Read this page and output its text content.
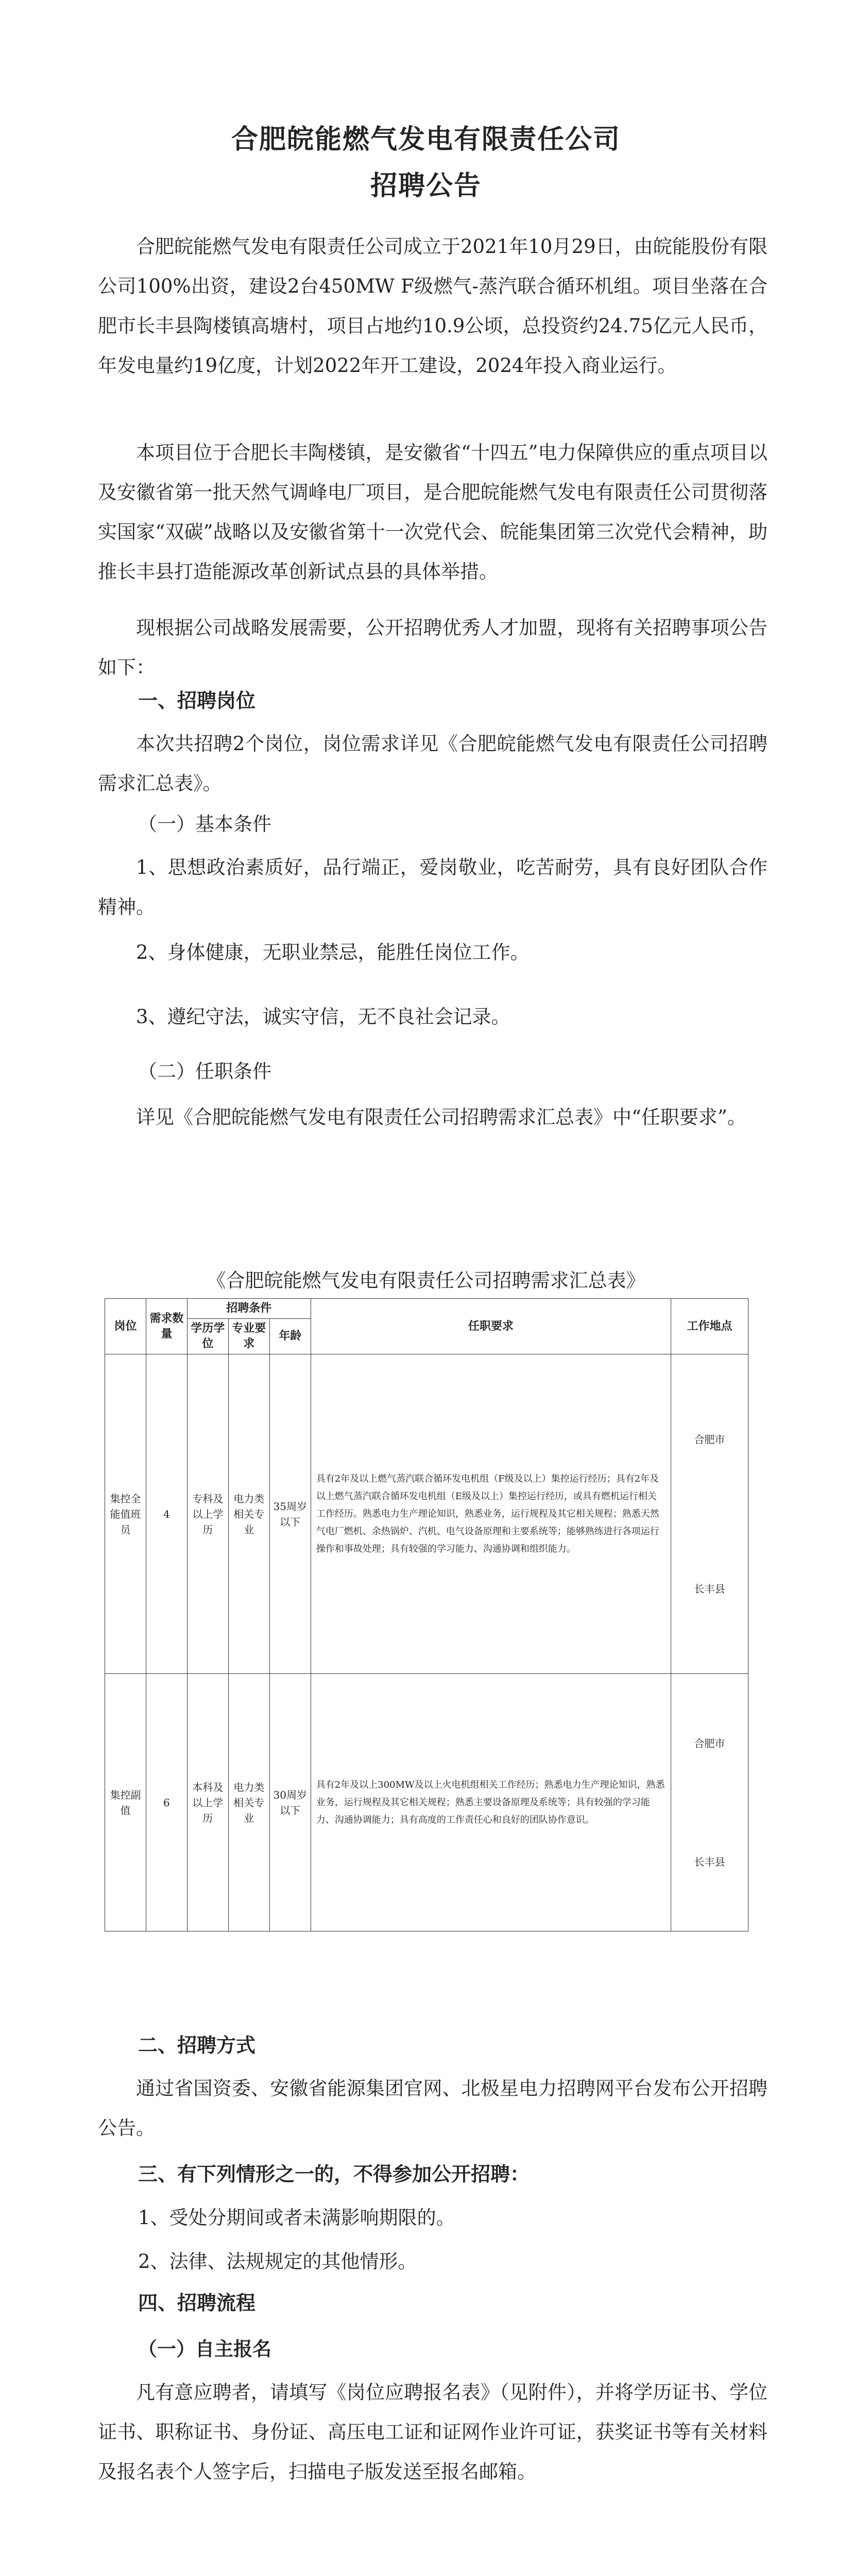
合肥皖能燃气发电有限责任公司
招聘公告

合肥皖能燃气发电有限责任公司成立于2021年10月29日，由皖能股份有限公司100%出资，建设2台450MW F级燃气-蒸汽联合循环机组。项目坐落在合肥市长丰县陶楼镇高塘村，项目占地约10.9公顷，总投资约24.75亿元人民币，年发电量约19亿度，计划2022年开工建设，2024年投入商业运行。

本项目位于合肥长丰陶楼镇，是安徽省“十四五”电力保障供应的重点项目以及安徽省第一批天然气调峰电厂项目，是合肥皖能燃气发电有限责任公司贯彻落实国家“双碳”战略以及安徽省第十一次党代会、皖能集团第三次党代会精神，助推长丰县打造能源改革创新试点县的具体举措。

现根据公司战略发展需要，公开招聘优秀人才加盟，现将有关招聘事项公告如下：

一、招聘岗位

本次共招聘2个岗位，岗位需求详见《合肥皖能燃气发电有限责任公司招聘需求汇总表》。

（一）基本条件

1、思想政治素质好，品行端正，爱岗敬业，吃苦耐劳，具有良好团队合作精神。

2、身体健康，无职业禁忌，能胜任岗位工作。

3、遵纪守法，诚实守信，无不良社会记录。

（二）任职条件

详见《合肥皖能燃气发电有限责任公司招聘需求汇总表》中“任职要求”。

《合肥皖能燃气发电有限责任公司招聘需求汇总表》
岗位	需求数量	招聘条件			任职要求	工作地点
		学历学位	专业要求	年龄		
集控全能值班员	4	专科及以上学历	电力类相关专业	35周岁以下	具有2年及以上燃气蒸汽联合循环发电机组（F级及以上）集控运行经历；具有2年及以上燃气蒸汽联合循环发电机组（E级及以上）集控运行经历，或具有燃机运行相关工作经历。熟悉电力生产理论知识，熟悉业务，运行规程及其它相关规程；熟悉天然气电厂燃机、余热锅炉、汽机、电气设备原理和主要系统等；能够熟练进行各项运行操作和事故处理；具有较强的学习能力、沟通协调和组织能力。	合肥市
长丰县

集控副值	6	本科及以上学历	电力类相关专业	30周岁以下	具有2年及以上300MW及以上火电机组相关工作经历；熟悉电力生产理论知识，熟悉业务，运行规程及其它相关规程；熟悉主要设备原理及系统等；具有较强的学习能力、沟通协调能力；具有高度的工作责任心和良好的团队协作意识。	合肥市
长丰县
二、招聘方式

通过省国资委、安徽省能源集团官网、北极星电力招聘网平台发布公开招聘公告。

三、有下列情形之一的，不得参加公开招聘：
1、受处分期间或者未满影响期限的。
2、法律、法规规定的其他情形。
四、招聘流程
（一）自主报名

凡有意应聘者，请填写《岗位应聘报名表》（见附件），并将学历证书、学位证书、职称证书、身份证、高压电工证和证网作业许可证，获奖证书等有关材料及报名表个人签字后，扫描电子版发送至报名邮箱。
